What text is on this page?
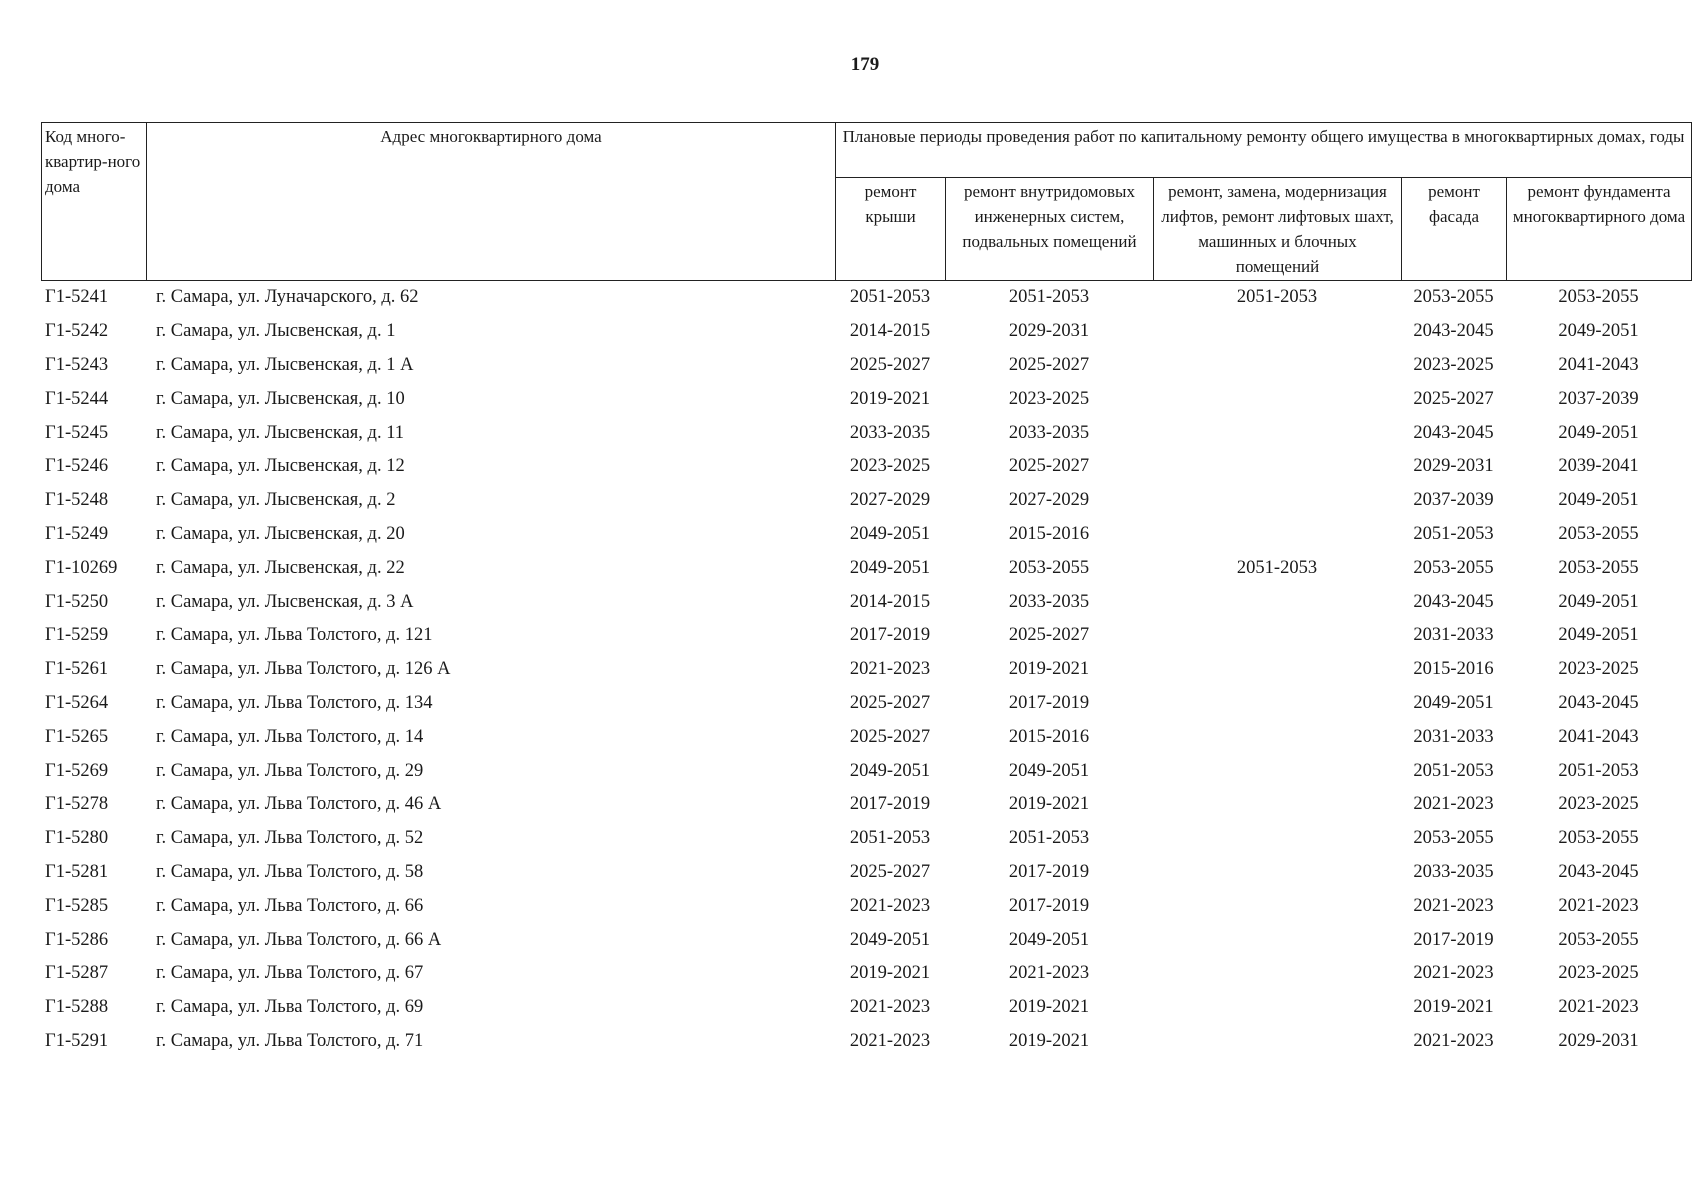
179
Код много-квартир-ного дома	Адрес многоквартирного дома	Плановые периоды проведения работ по капитальному ремонту общего имущества в многоквартирных домах, годы				
		ремонт крыши	ремонт внутридомовых инженерных систем, подвальных помещений	ремонт, замена, модернизация лифтов, ремонт лифтовых шахт, машинных и блочных помещений	ремонт фасада	ремонт фундамента многоквартирного дома
Г1-5241	г. Самара, ул. Луначарского, д. 62	2051-2053	2051-2053	2051-2053	2053-2055	2053-2055
Г1-5242	г. Самара, ул. Лысвенская, д. 1	2014-2015	2029-2031		2043-2045	2049-2051
Г1-5243	г. Самара, ул. Лысвенская, д. 1 А	2025-2027	2025-2027		2023-2025	2041-2043
Г1-5244	г. Самара, ул. Лысвенская, д. 10	2019-2021	2023-2025		2025-2027	2037-2039
Г1-5245	г. Самара, ул. Лысвенская, д. 11	2033-2035	2033-2035		2043-2045	2049-2051
Г1-5246	г. Самара, ул. Лысвенская, д. 12	2023-2025	2025-2027		2029-2031	2039-2041
Г1-5248	г. Самара, ул. Лысвенская, д. 2	2027-2029	2027-2029		2037-2039	2049-2051
Г1-5249	г. Самара, ул. Лысвенская, д. 20	2049-2051	2015-2016		2051-2053	2053-2055
Г1-10269	г. Самара, ул. Лысвенская, д. 22	2049-2051	2053-2055	2051-2053	2053-2055	2053-2055
Г1-5250	г. Самара, ул. Лысвенская, д. 3 А	2014-2015	2033-2035		2043-2045	2049-2051
Г1-5259	г. Самара, ул. Льва Толстого, д. 121	2017-2019	2025-2027		2031-2033	2049-2051
Г1-5261	г. Самара, ул. Льва Толстого, д. 126 А	2021-2023	2019-2021		2015-2016	2023-2025
Г1-5264	г. Самара, ул. Льва Толстого, д. 134	2025-2027	2017-2019		2049-2051	2043-2045
Г1-5265	г. Самара, ул. Льва Толстого, д. 14	2025-2027	2015-2016		2031-2033	2041-2043
Г1-5269	г. Самара, ул. Льва Толстого, д. 29	2049-2051	2049-2051		2051-2053	2051-2053
Г1-5278	г. Самара, ул. Льва Толстого, д. 46 А	2017-2019	2019-2021		2021-2023	2023-2025
Г1-5280	г. Самара, ул. Льва Толстого, д. 52	2051-2053	2051-2053		2053-2055	2053-2055
Г1-5281	г. Самара, ул. Льва Толстого, д. 58	2025-2027	2017-2019		2033-2035	2043-2045
Г1-5285	г. Самара, ул. Льва Толстого, д. 66	2021-2023	2017-2019		2021-2023	2021-2023
Г1-5286	г. Самара, ул. Льва Толстого, д. 66 А	2049-2051	2049-2051		2017-2019	2053-2055
Г1-5287	г. Самара, ул. Льва Толстого, д. 67	2019-2021	2021-2023		2021-2023	2023-2025
Г1-5288	г. Самара, ул. Льва Толстого, д. 69	2021-2023	2019-2021		2019-2021	2021-2023
Г1-5291	г. Самара, ул. Льва Толстого, д. 71	2021-2023	2019-2021		2021-2023	2029-2031
